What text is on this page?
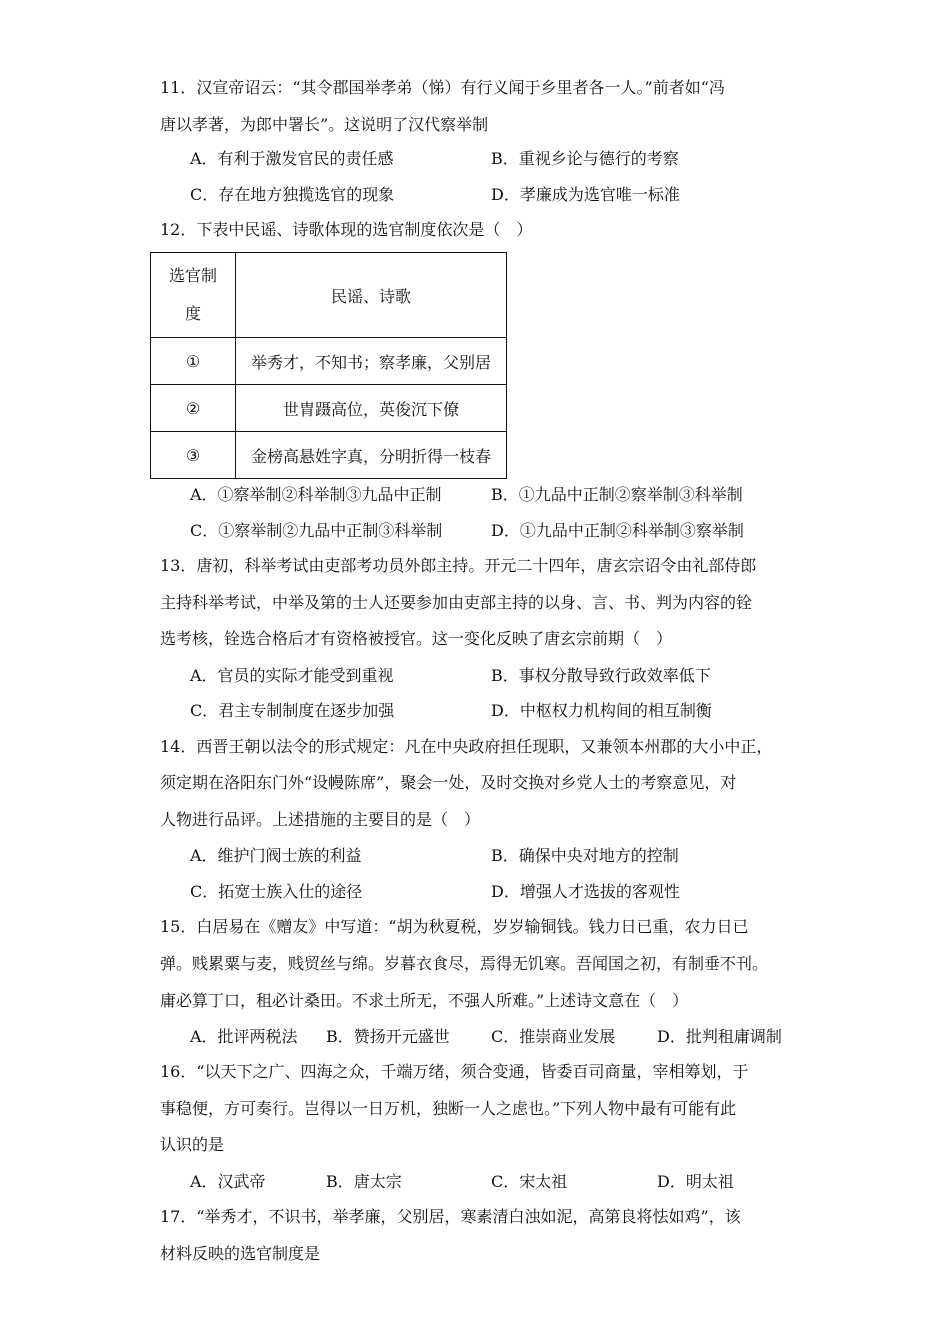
11．汉宣帝诏云：“其令郡国举孝弟（悌）有行义闻于乡里者各一人。”前者如“冯
唐以孝著，为郎中署长”。这说明了汉代察举制
A．有利于激发官民的责任感	B．重视乡论与德行的考察
C．存在地方独揽选官的现象	D．孝廉成为选官唯一标准
12．下表中民谣、诗歌体现的选官制度依次是（　）
选官制
度	民谣、诗歌
①	举秀才，不知书；察孝廉，父别居
②	世胄蹑高位，英俊沉下僚
③	金榜高悬姓字真，分明折得一枝春
A．①察举制②科举制③九品中正制	B．①九品中正制②察举制③科举制
C．①察举制②九品中正制③科举制	D．①九品中正制②科举制③察举制
13．唐初，科举考试由吏部考功员外郎主持。开元二十四年，唐玄宗诏令由礼部侍郎
主持科举考试，中举及第的士人还要参加由吏部主持的以身、言、书、判为内容的铨
选考核，铨选合格后才有资格被授官。这一变化反映了唐玄宗前期（　）
A．官员的实际才能受到重视	B．事权分散导致行政效率低下
C．君主专制制度在逐步加强	D．中枢权力机构间的相互制衡
14．西晋王朝以法令的形式规定：凡在中央政府担任现职，又兼领本州郡的大小中正，
须定期在洛阳东门外“设幔陈席”，聚会一处，及时交换对乡党人士的考察意见，对
人物进行品评。上述措施的主要目的是（　）
A．维护门阀士族的利益	B．确保中央对地方的控制
C．拓宽士族入仕的途径	D．增强人才选拔的客观性
15．白居易在《赠友》中写道：“胡为秋夏税，岁岁输铜钱。钱力日已重，农力日已
弹。贱累粟与麦，贱贸丝与绵。岁暮衣食尽，焉得无饥寒。吾闻国之初，有制垂不刊。
庸必算丁口，租必计桑田。不求土所无，不强人所难。”上述诗文意在（　）
A．批评两税法 B．赞扬开元盛世	C．推崇商业发展	D．批判租庸调制
16．“以天下之广、四海之众，千端万绪，须合变通，皆委百司商量，宰相筹划，于
事稳便，方可奏行。岂得以一日万机，独断一人之虑也。”下列人物中最有可能有此
认识的是
A．汉武帝	B．唐太宗	C．宋太祖	D．明太祖
17．“举秀才，不识书，举孝廉，父别居，寒素清白浊如泥，高第良将怯如鸡”，该
材料反映的选官制度是
